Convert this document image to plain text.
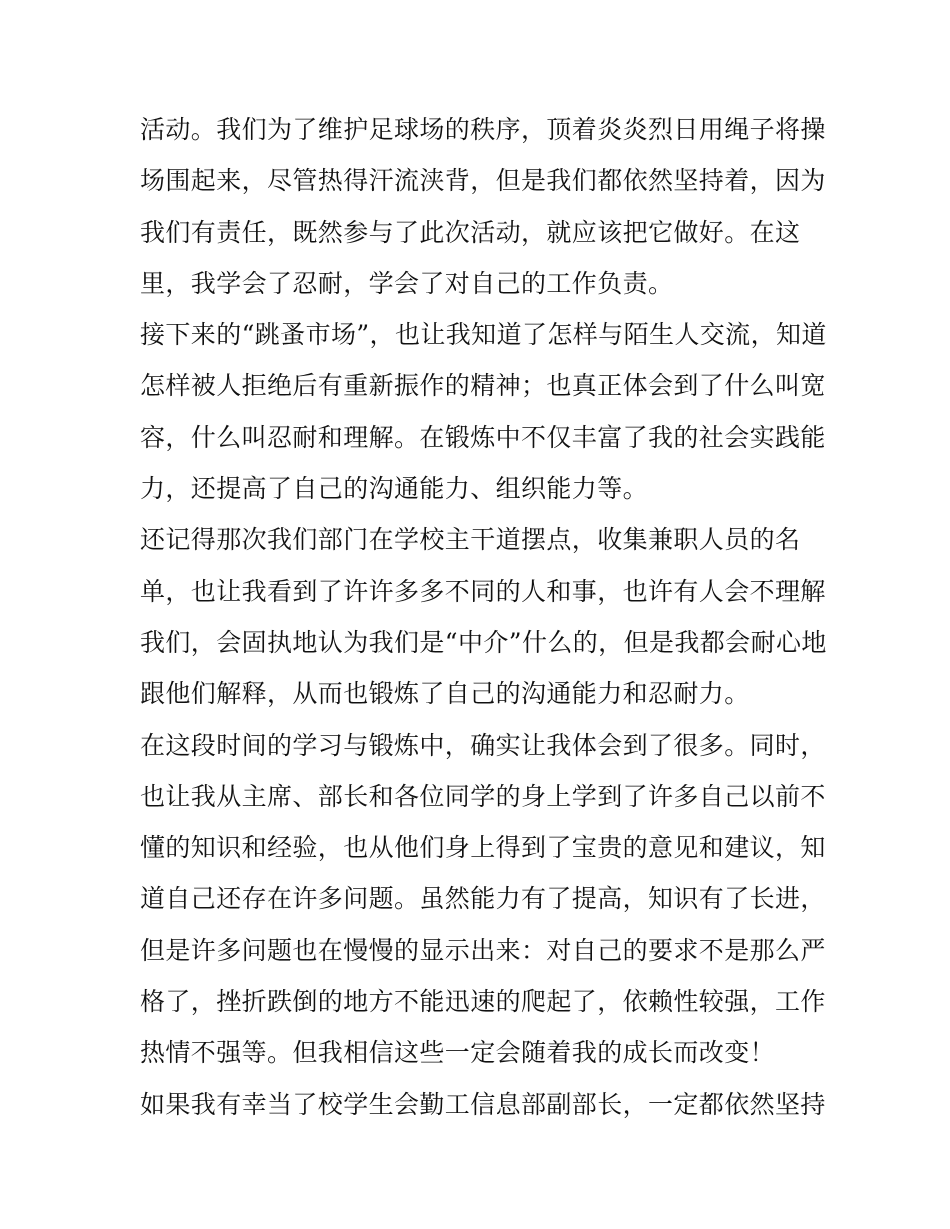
活动。我们为了维护足球场的秩序，顶着炎炎烈日用绳子将操
场围起来，尽管热得汗流浃背，但是我们都依然坚持着，因为
我们有责任，既然参与了此次活动，就应该把它做好。在这
里，我学会了忍耐，学会了对自己的工作负责。
接下来的“跳蚤市场”，也让我知道了怎样与陌生人交流，知道
怎样被人拒绝后有重新振作的精神；也真正体会到了什么叫宽
容，什么叫忍耐和理解。在锻炼中不仅丰富了我的社会实践能
力，还提高了自己的沟通能力、组织能力等。
还记得那次我们部门在学校主干道摆点，收集兼职人员的名
单，也让我看到了许许多多不同的人和事，也许有人会不理解
我们，会固执地认为我们是“中介”什么的，但是我都会耐心地
跟他们解释，从而也锻炼了自己的沟通能力和忍耐力。
在这段时间的学习与锻炼中，确实让我体会到了很多。同时，
也让我从主席、部长和各位同学的身上学到了许多自己以前不
懂的知识和经验，也从他们身上得到了宝贵的意见和建议，知
道自己还存在许多问题。虽然能力有了提高，知识有了长进，
但是许多问题也在慢慢的显示出来：对自己的要求不是那么严
格了，挫折跌倒的地方不能迅速的爬起了，依赖性较强，工作
热情不强等。但我相信这些一定会随着我的成长而改变！
如果我有幸当了校学生会勤工信息部副部长，一定都依然坚持
